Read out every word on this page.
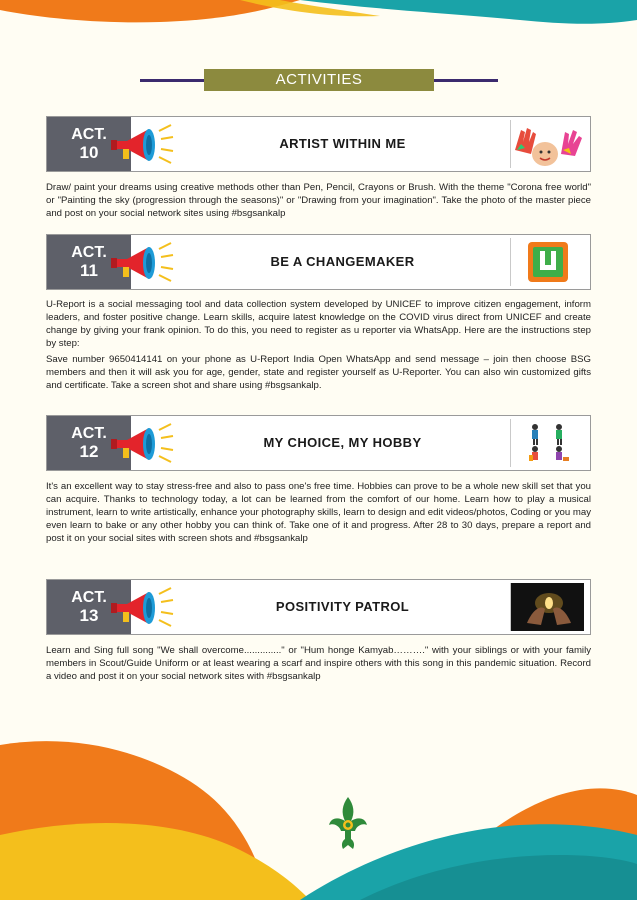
ACTIVITIES
ACT.
10	ARTIST WITHIN ME

Draw/ paint your dreams using creative methods other than Pen, Pencil, Crayons or Brush. With the theme "Corona free world" or "Painting the sky (progression through the seasons)" or "Drawing from your imagination". Take the photo of the master piece and post on your social network sites using #bsgsankalp

ACT.
11	BE A CHANGEMAKER

U-Report is a social messaging tool and data collection system developed by UNICEF to improve citizen engagement, inform leaders, and foster positive change. Learn skills, acquire latest knowledge on the COVID virus direct from UNICEF and create change by giving your frank opinion. To do this, you need to register as u reporter via WhatsApp. Here are the instructions step by step:

Save number 9650414141 on your phone as U-Report India Open WhatsApp and send message – join then choose BSG members and then it will ask you for age, gender, state and register yourself as U-Reporter. You can also win customized gifts and certificate. Take a screen shot and share using #bsgsankalp.

ACT.
12	MY CHOICE, MY HOBBY

It's an excellent way to stay stress-free and also to pass one's free time. Hobbies can prove to be a whole new skill set that you can acquire. Thanks to technology today, a lot can be learned from the comfort of our home. Learn how to play a musical instrument, learn to write artistically, enhance your photography skills, learn to design and edit videos/photos, Coding or you may even learn to bake or any other hobby you can think of. Take one of it and progress. After 28 to 30 days, prepare a report and post it on your social sites with screen shots and #bsgsankalp

ACT.
13	POSITIVITY PATROL

Learn and Sing full song "We shall overcome.............." or "Hum honge Kamyab………." with your siblings or with your family members in Scout/Guide Uniform or at least wearing a scarf and inspire others with this song in this pandemic situation. Record a video and post it on your social network sites with #bsgsankalp
